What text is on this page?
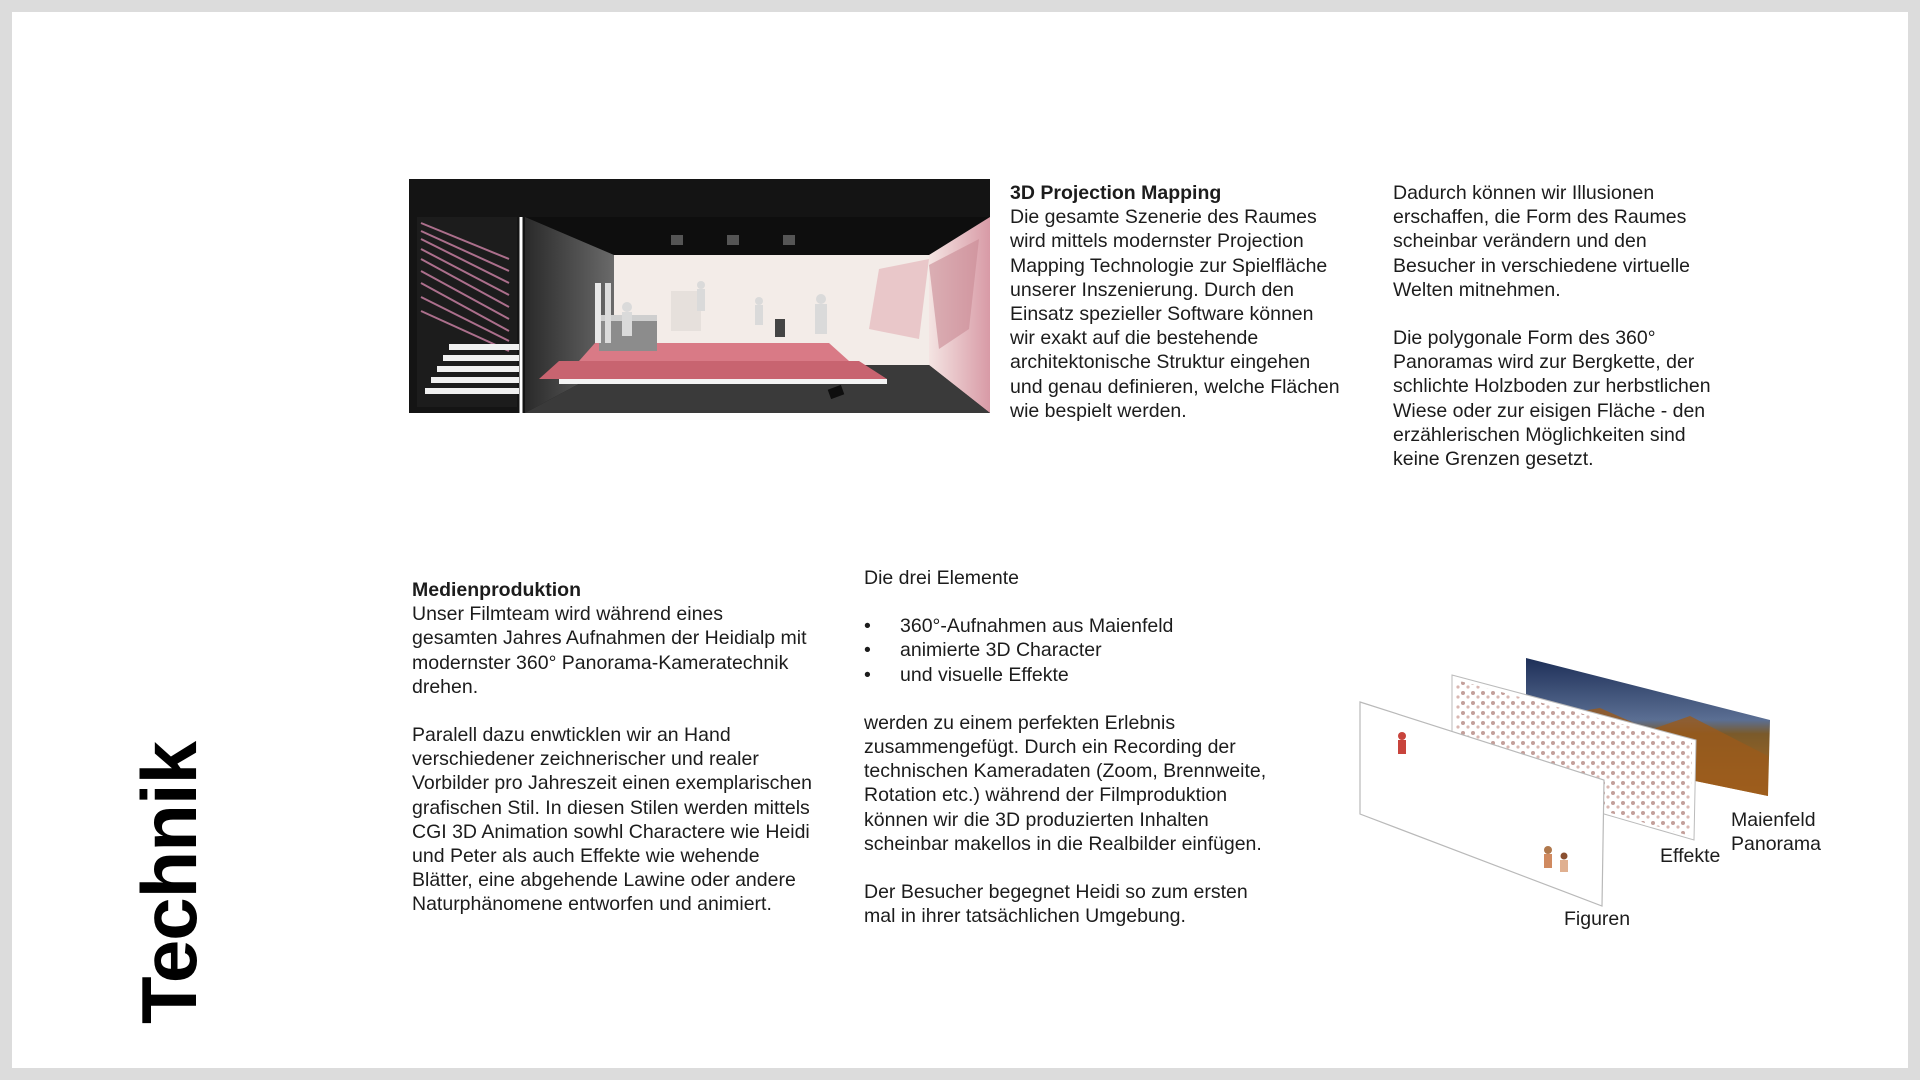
Technik

3D Projection Mapping

Die gesamte Szenerie des Raumes

wird mittels modernster Projection

Mapping Technologie zur Spielfläche

unserer Inszenierung. Durch den

Einsatz spezieller Software können

wir exakt auf die bestehende

architektonische Struktur eingehen

und genau definieren, welche Flächen

wie bespielt werden.

Dadurch können wir Illusionen

erschaffen, die Form des Raumes

scheinbar verändern und den

Besucher in verschiedene virtuelle

Welten mitnehmen.

Die polygonale Form des 360°

Panoramas wird zur Bergkette, der

schlichte Holzboden zur herbstlichen

Wiese oder zur eisigen Fläche - den

erzählerischen Möglichkeiten sind

keine Grenzen gesetzt.

Medienproduktion

Unser Filmteam wird während eines

gesamten Jahres Aufnahmen der Heidialp mit

modernster 360° Panorama-Kameratechnik

drehen.

Paralell dazu enwticklen wir an Hand

verschiedener zeichnerischer und realer

Vorbilder pro Jahreszeit einen exemplarischen

grafischen Stil. In diesen Stilen werden mittels

CGI 3D Animation sowhl Charactere wie Heidi

und Peter als auch Effekte wie wehende

Blätter, eine abgehende Lawine oder andere

Naturphänomene entworfen und animiert.

Die drei Elemente

• 360°-Aufnahmen aus Maienfeld
• animierte 3D Character
• und visuelle Effekte

werden zu einem perfekten Erlebnis

zusammengefügt. Durch ein Recording der

technischen Kameradaten (Zoom, Brennweite,

Rotation etc.) während der Filmproduktion

können wir die 3D produzierten Inhalten

scheinbar makellos in die Realbilder einfügen.

Der Besucher begegnet Heidi so zum ersten

mal in ihrer tatsächlichen Umgebung.

Maienfeld
Panorama
Effekte
Figuren
